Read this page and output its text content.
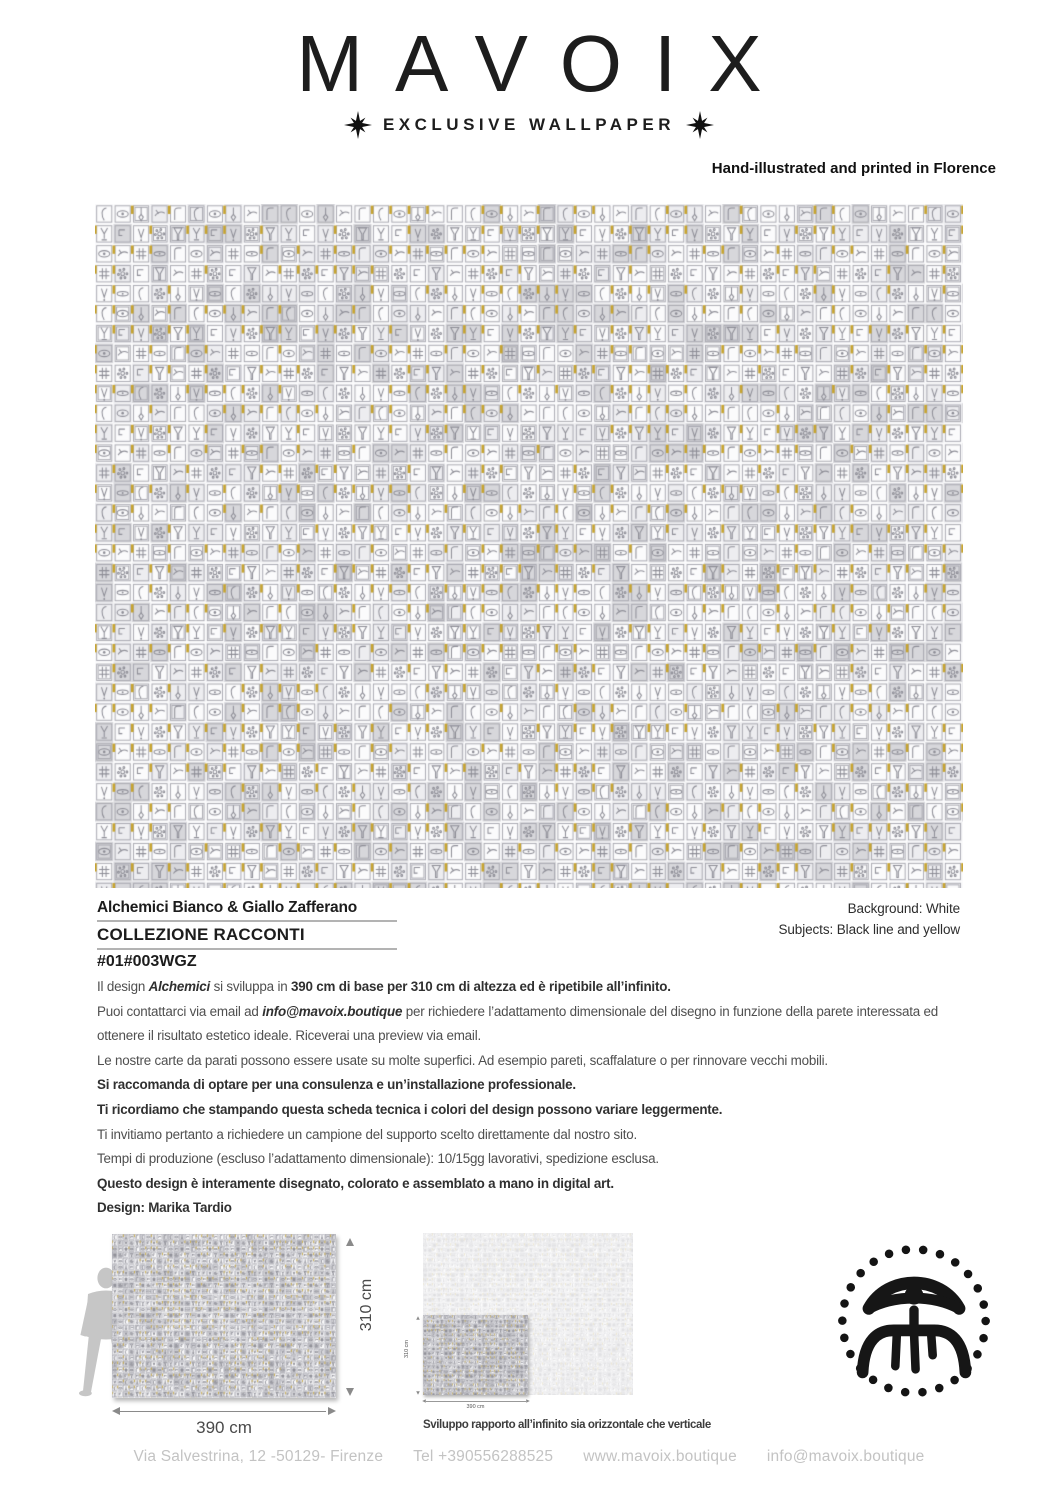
MAVOIX
EXCLUSIVE WALLPAPER
Hand-illustrated and printed in Florence
Alchemici Bianco & Giallo Zafferano
COLLEZIONE RACCONTI
#01#003WGZ
Background: White
Subjects: Black line and yellow
Il design Alchemici si sviluppa in 390 cm di base per 310 cm di altezza ed è ripetibile all’infinito.
Puoi contattarci via email ad info@mavoix.boutique per richiedere l’adattamento dimensionale del disegno in funzione della parete interessata ed ottenere il risultato estetico ideale. Riceverai una preview via email.
Le nostre carte da parati possono essere usate su molte superfici. Ad esempio pareti, scaffalature o per rinnovare vecchi mobili.
Si raccomanda di optare per una consulenza e un’installazione professionale.
Ti ricordiamo che stampando questa scheda tecnica i colori del design possono variare leggermente.
Ti invitiamo pertanto a richiedere un campione del supporto scelto direttamente dal nostro sito.
Tempi di produzione (escluso l’adattamento dimensionale): 10/15gg lavorativi, spedizione esclusa.
Questo design è interamente disegnato, colorato e assemblato a mano in digital art.
Design: Marika Tardio
310 cm
390 cm
310 cm
390 cm
Sviluppo rapporto all’infinito sia orizzontale che verticale
Via Salvestrina, 12 -50129- Firenze Tel +390556288525 www.mavoix.boutique info@mavoix.boutique
